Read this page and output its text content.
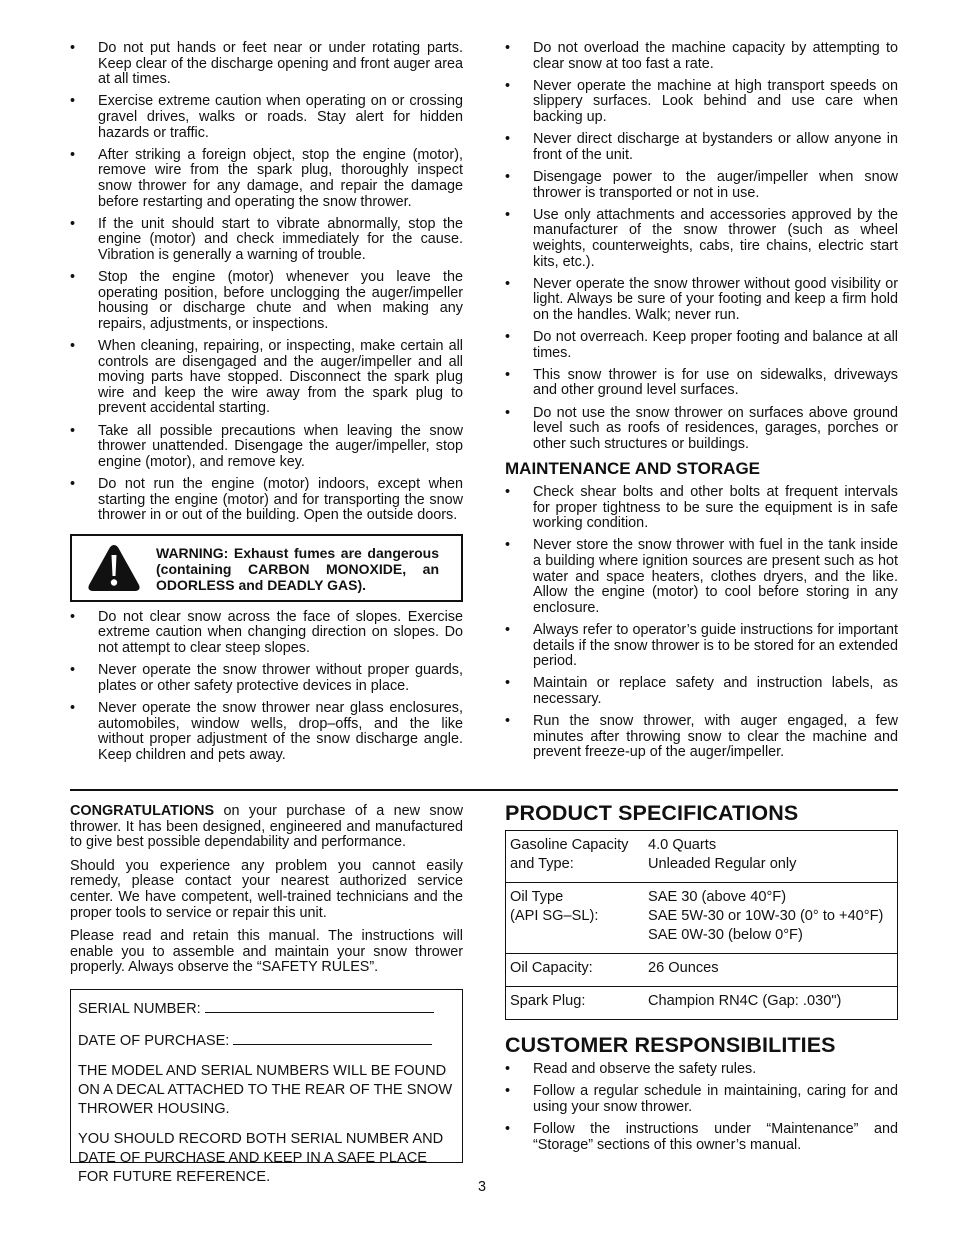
• Do not put hands or feet near or under rotating parts. Keep clear of the discharge opening and front auger area at all times.
• Exercise extreme caution when operating on or crossing gravel drives, walks or roads. Stay alert for hidden hazards or traffic.
• After striking a foreign object, stop the engine (motor), remove wire from the spark plug, thoroughly inspect snow thrower for any damage, and repair the damage before restarting and operating the snow thrower.
• If the unit should start to vibrate abnormally, stop the engine (motor) and check immediately for the cause. Vibration is generally a warning of trouble.
• Stop the engine (motor) whenever you leave the operating position, before unclogging the auger/impeller housing or discharge chute and when making any repairs, adjustments, or inspections.
• When cleaning, repairing, or inspecting, make certain all controls are disengaged and the auger/impeller and all moving parts have stopped. Disconnect the spark plug wire and keep the wire away from the spark plug to prevent accidental starting.
• Take all possible precautions when leaving the snow thrower unattended. Disengage the auger/impeller, stop engine (motor), and remove key.
• Do not run the engine (motor) indoors, except when starting the engine (motor) and for transporting the snow thrower in or out of the building. Open the outside doors.
WARNING: Exhaust fumes are dangerous (containing CARBON MONOXIDE, an ODORLESS and DEADLY GAS).
• Do not clear snow across the face of slopes. Exercise extreme caution when changing direction on slopes. Do not attempt to clear steep slopes.
• Never operate the snow thrower without proper guards, plates or other safety protective devices in place.
• Never operate the snow thrower near glass enclosures, automobiles, window wells, drop–offs, and the like without proper adjustment of the snow discharge angle. Keep children and pets away.
• Do not overload the machine capacity by attempting to clear snow at too fast a rate.
• Never operate the machine at high transport speeds on slippery surfaces. Look behind and use care when backing up.
• Never direct discharge at bystanders or allow anyone in front of the unit.
• Disengage power to the auger/impeller when snow thrower is transported or not in use.
• Use only attachments and accessories approved by the manufacturer of the snow thrower (such as wheel weights, counterweights, cabs, tire chains, electric start kits, etc.).
• Never operate the snow thrower without good visibility or light. Always be sure of your footing and keep a firm hold on the handles. Walk; never run.
• Do not overreach. Keep proper footing and balance at all times.
• This snow thrower is for use on sidewalks, driveways and other ground level surfaces.
• Do not use the snow thrower on surfaces above ground level such as roofs of residences, garages, porches or other such structures or buildings.
MAINTENANCE AND STORAGE
• Check shear bolts and other bolts at frequent intervals for proper tightness to be sure the equipment is in safe working condition.
• Never store the snow thrower with fuel in the tank inside a building where ignition sources are present such as hot water and space heaters, clothes dryers, and the like. Allow the engine (motor) to cool before storing in any enclosure.
• Always refer to operator’s guide instructions for important details if the snow thrower is to be stored for an extended period.
• Maintain or replace safety and instruction labels, as necessary.
• Run the snow thrower, with auger engaged, a few minutes after throwing snow to clear the machine and prevent freeze-up of the auger/impeller.

CONGRATULATIONS on your purchase of a new snow thrower. It has been designed, engineered and manufactured to give best possible dependability and performance.

Should you experience any problem you cannot easily remedy, please contact your nearest authorized service center. We have competent, well-trained technicians and the proper tools to service or repair this unit.

Please read and retain this manual. The instructions will enable you to assemble and maintain your snow thrower properly. Always observe the “SAFETY RULES”.

SERIAL NUMBER:
DATE OF PURCHASE:
THE MODEL AND SERIAL NUMBERS WILL BE FOUND ON A DECAL ATTACHED TO THE REAR OF THE SNOW THROWER HOUSING.
YOU SHOULD RECORD BOTH SERIAL NUMBER AND DATE OF PURCHASE AND KEEP IN A SAFE PLACE FOR FUTURE REFERENCE.
PRODUCT SPECIFICATIONS
Gasoline Capacity
and Type:	4.0 Quarts
Unleaded Regular only
Oil Type
(API SG–SL):	SAE 30 (above 40°F)
SAE 5W-30 or 10W-30 (0° to +40°F)
SAE 0W-30 (below 0°F)
Oil Capacity:	26 Ounces
Spark Plug:	Champion RN4C (Gap: .030")
CUSTOMER RESPONSIBILITIES
• Read and observe the safety rules.
• Follow a regular schedule in maintaining, caring for and using your snow thrower.
• Follow the instructions under “Maintenance” and “Storage” sections of this owner’s manual.
3
